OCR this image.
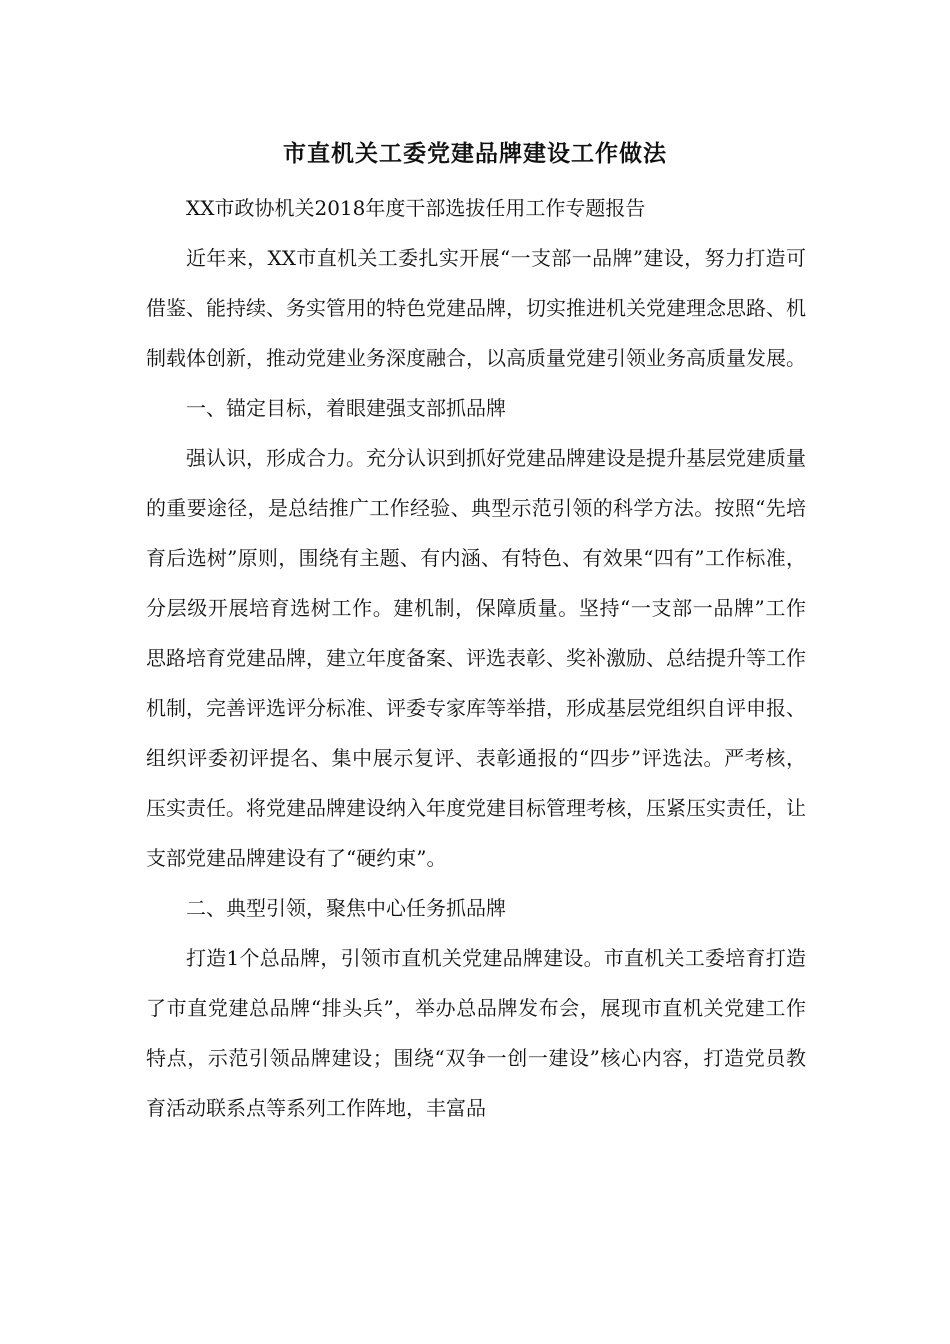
市直机关工委党建品牌建设工作做法

XX市政协机关2018年度干部选拔任用工作专题报告

近年来，XX市直机关工委扎实开展“一支部一品牌”建设，努力打造可借鉴、能持续、务实管用的特色党建品牌，切实推进机关党建理念思路、机制载体创新，推动党建业务深度融合，以高质量党建引领业务高质量发展。

一、锚定目标，着眼建强支部抓品牌

强认识，形成合力。充分认识到抓好党建品牌建设是提升基层党建质量的重要途径，是总结推广工作经验、典型示范引领的科学方法。按照“先培育后选树”原则，围绕有主题、有内涵、有特色、有效果“四有”工作标准，分层级开展培育选树工作。建机制，保障质量。坚持“一支部一品牌”工作思路培育党建品牌，建立年度备案、评选表彰、奖补激励、总结提升等工作机制，完善评选评分标准、评委专家库等举措，形成基层党组织自评申报、组织评委初评提名、集中展示复评、表彰通报的“四步”评选法。严考核，压实责任。将党建品牌建设纳入年度党建目标管理考核，压紧压实责任，让支部党建品牌建设有了“硬约束”。

二、典型引领，聚焦中心任务抓品牌

打造1个总品牌，引领市直机关党建品牌建设。市直机关工委培育打造了市直党建总品牌“排头兵”，举办总品牌发布会，展现市直机关党建工作特点，示范引领品牌建设；围绕“双争一创一建设”核心内容，打造党员教育活动联系点等系列工作阵地，丰富品
